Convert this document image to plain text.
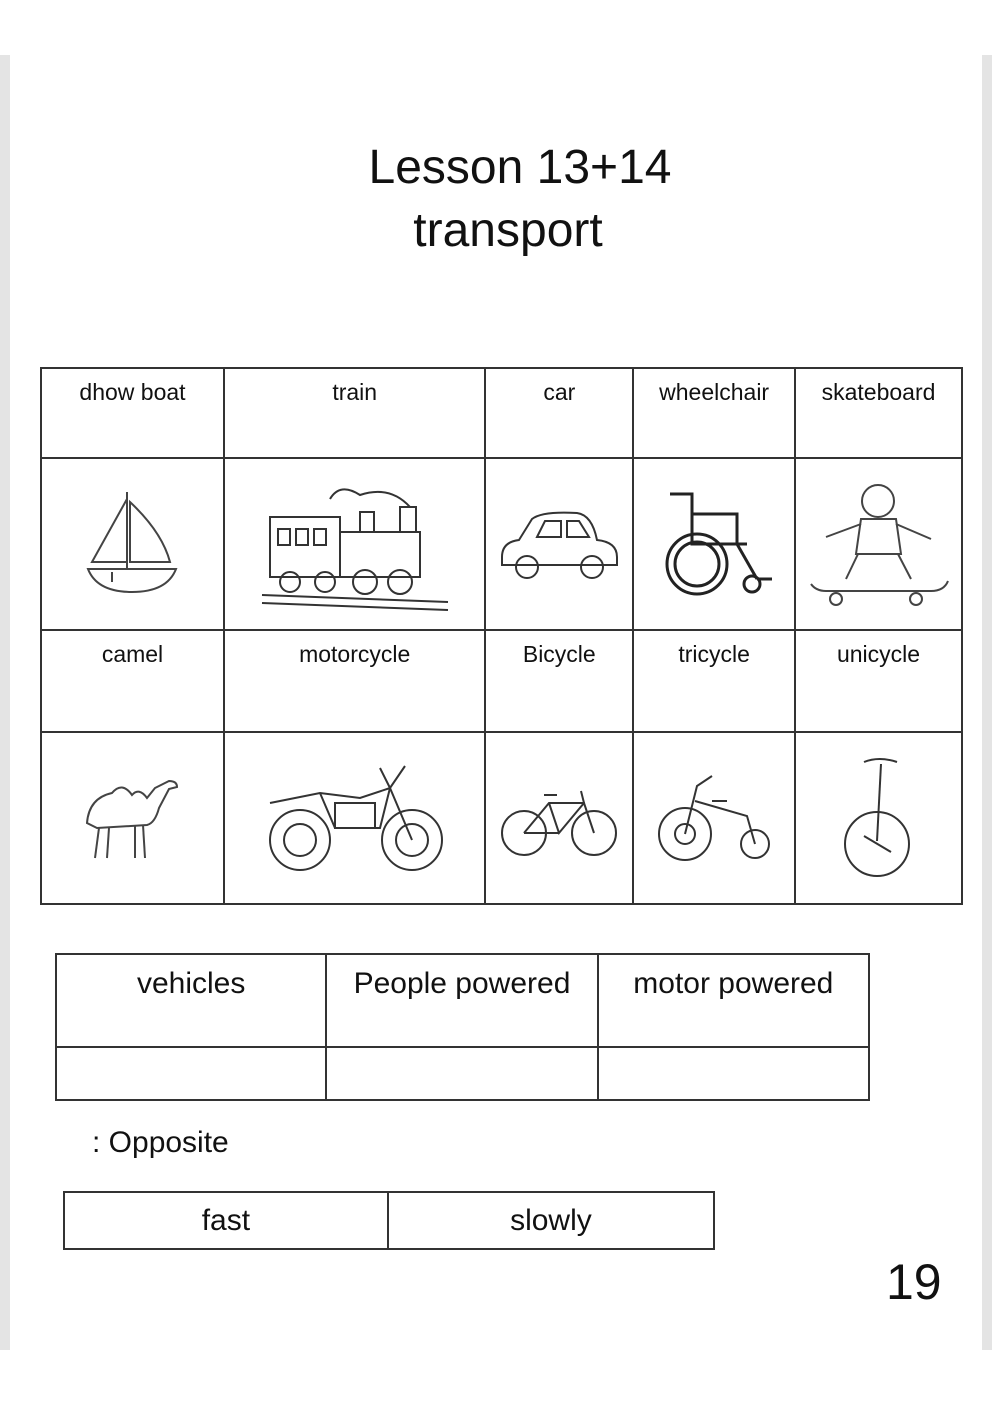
Lesson 13+14
transport
dhow boat	train	car	wheelchair	skateboard

camel	motorcycle	Bicycle	tricycle	unicycle

vehicles	People powered	motor powered

: Opposite
fast	slowly
19
